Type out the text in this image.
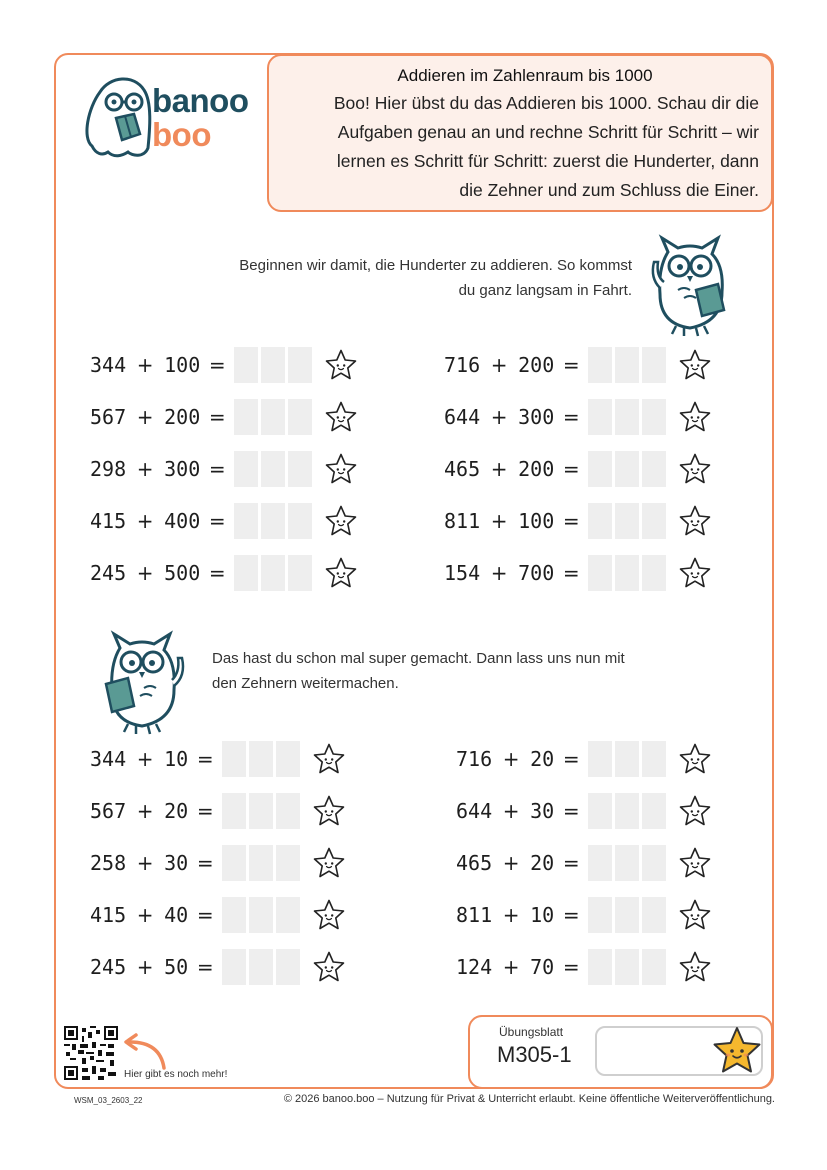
banoo
boo
Addieren im Zahlenraum bis 1000
Boo! Hier übst du das Addieren bis 1000. Schau dir die
Aufgaben genau an und rechne Schritt für Schritt – wir
lernen es Schritt für Schritt: zuerst die Hunderter, dann
die Zehner und zum Schluss die Einer.
Beginnen wir damit, die Hunderter zu addieren. So kommst
du ganz langsam in Fahrt.
344 + 100 =	716 + 200 =
567 + 200 =	644 + 300 =
298 + 300 =	465 + 200 =
415 + 400 =	811 + 100 =
245 + 500 =	154 + 700 =
Das hast du schon mal super gemacht. Dann lass uns nun mit
den Zehnern weitermachen.
344 + 10 =	716 + 20 =
567 + 20 =	644 + 30 =
258 + 30 =	465 + 20 =
415 + 40 =	811 + 10 =
245 + 50 =	124 + 70 =
Hier gibt es noch mehr!
Übungsblatt
M305-1
WSM_03_2603_22	© 2026 banoo.boo – Nutzung für Privat & Unterricht erlaubt. Keine öffentliche Weiterveröffentlichung.
